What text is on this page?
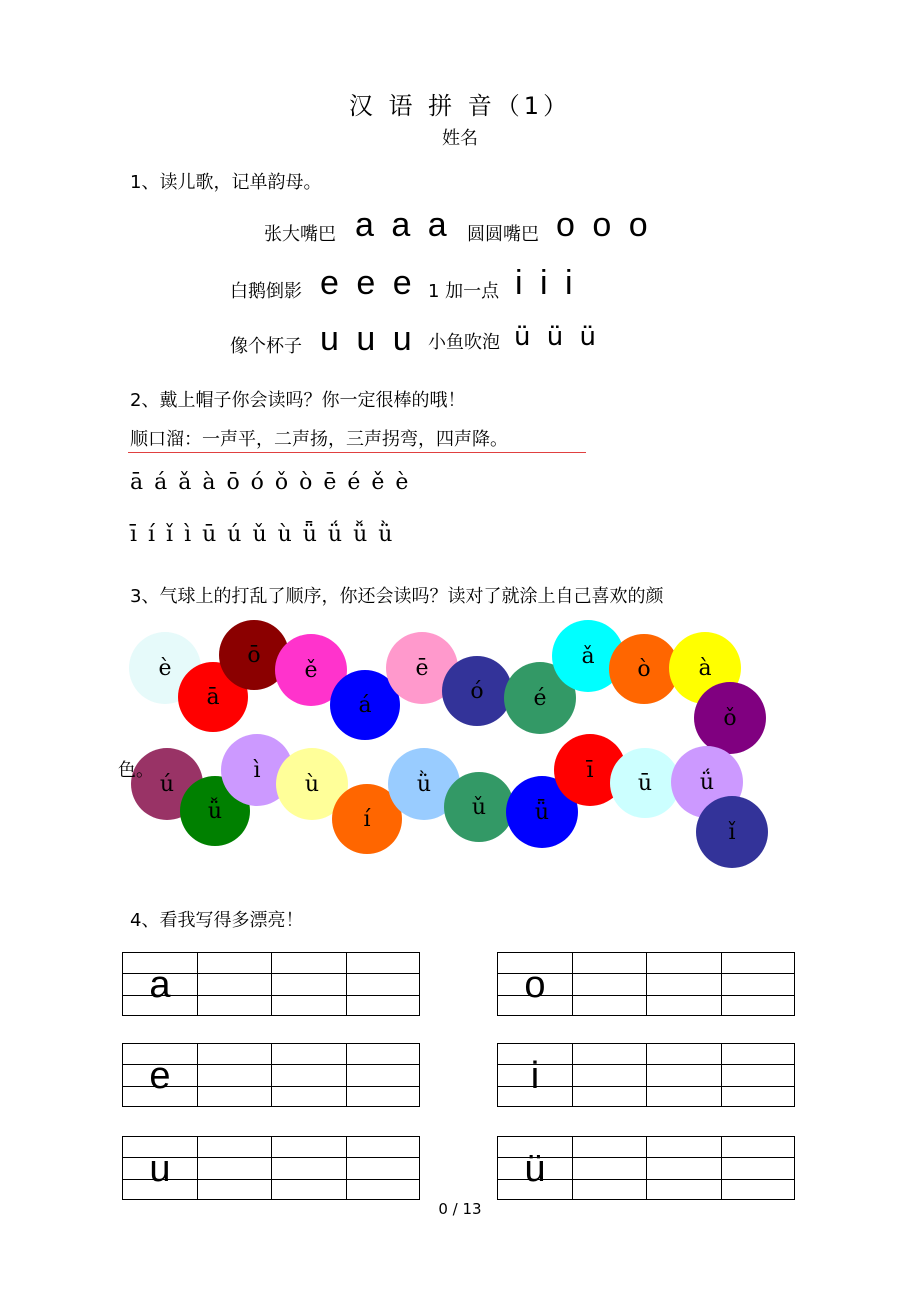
汉 语 拼 音（1）
姓名
1、读儿歌，记单韵母。
张大嘴巴 a a a 圆圆嘴巴 o o o
白鹅倒影 e e e 1 加一点 i i i
像个杯子 u u u 小鱼吹泡 ü ü ü
2、戴上帽子你会读吗？你一定很棒的哦！
顺口溜：一声平，二声扬，三声拐弯，四声降。
ā á ǎ à ō ó ǒ ò ē é ě è
ī í ǐ ì ū ú ǔ ù ǖ ǘ ǚ ǜ
3、气球上的打乱了顺序，你还会读吗？读对了就涂上自己喜欢的颜
è
ā
ō
ě
á
ē
ó é
ǎ
ò à
ǒ
ú
ǚ
ì
ù
í
ǜ
ǔ ǖ
ī
ū ǘ
ǐ
色。
4、看我写得多漂亮！
a	o
e	i
u	ü
0 / 13
